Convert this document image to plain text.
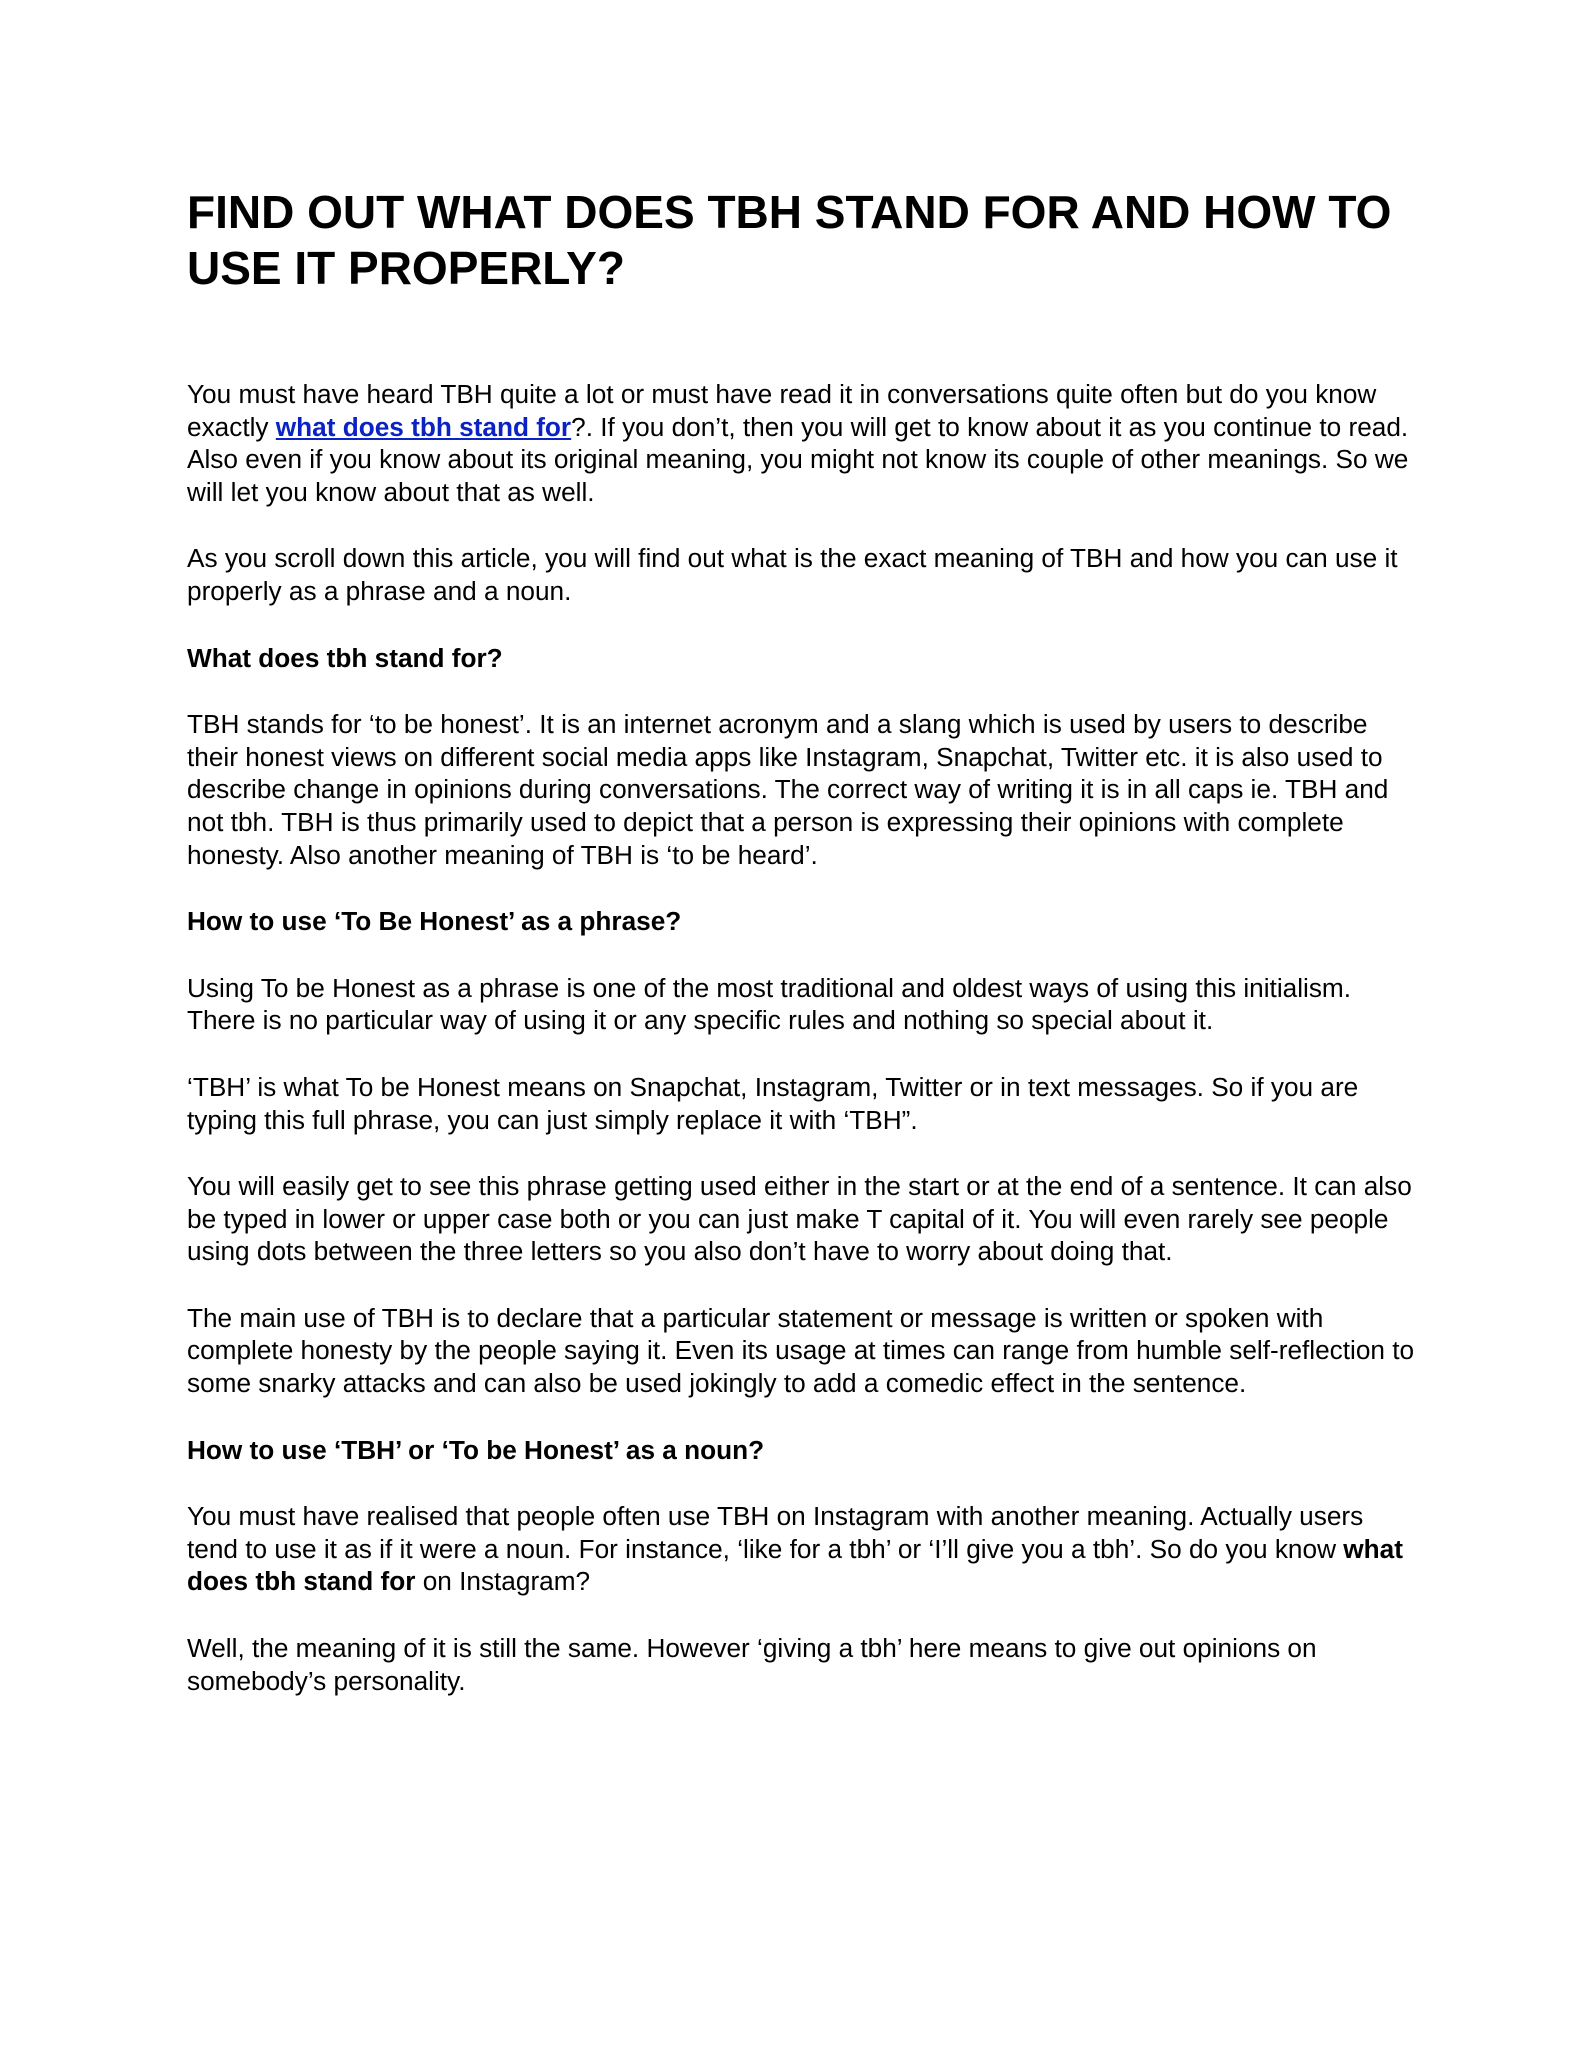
FIND OUT WHAT DOES TBH STAND FOR AND HOW TO USE IT PROPERLY?

You must have heard TBH quite a lot or must have read it in conversations quite often but do you know exactly what does tbh stand for?. If you don’t, then you will get to know about it as you continue to read. Also even if you know about its original meaning, you might not know its couple of other meanings. So we will let you know about that as well.

As you scroll down this article, you will find out what is the exact meaning of TBH and how you can use it properly as a phrase and a noun.

What does tbh stand for?

TBH stands for ‘to be honest’. It is an internet acronym and a slang which is used by users to describe their honest views on different social media apps like Instagram, Snapchat, Twitter etc. it is also used to describe change in opinions during conversations. The correct way of writing it is in all caps ie. TBH and not tbh. TBH is thus primarily used to depict that a person is expressing their opinions with complete honesty. Also another meaning of TBH is ‘to be heard’.

How to use ‘To Be Honest’ as a phrase?

Using To be Honest as a phrase is one of the most traditional and oldest ways of using this initialism. There is no particular way of using it or any specific rules and nothing so special about it.

‘TBH’ is what To be Honest means on Snapchat, Instagram, Twitter or in text messages. So if you are typing this full phrase, you can just simply replace it with ‘TBH”.

You will easily get to see this phrase getting used either in the start or at the end of a sentence. It can also be typed in lower or upper case both or you can just make T capital of it. You will even rarely see people using dots between the three letters so you also don’t have to worry about doing that.

The main use of TBH is to declare that a particular statement or message is written or spoken with complete honesty by the people saying it. Even its usage at times can range from humble self-reflection to some snarky attacks and can also be used jokingly to add a comedic effect in the sentence.

How to use ‘TBH’ or ‘To be Honest’ as a noun?

You must have realised that people often use TBH on Instagram with another meaning. Actually users tend to use it as if it were a noun. For instance, ‘like for a tbh’ or ‘I’ll give you a tbh’. So do you know what does tbh stand for on Instagram?

Well, the meaning of it is still the same. However ‘giving a tbh’ here means to give out opinions on somebody’s personality.
